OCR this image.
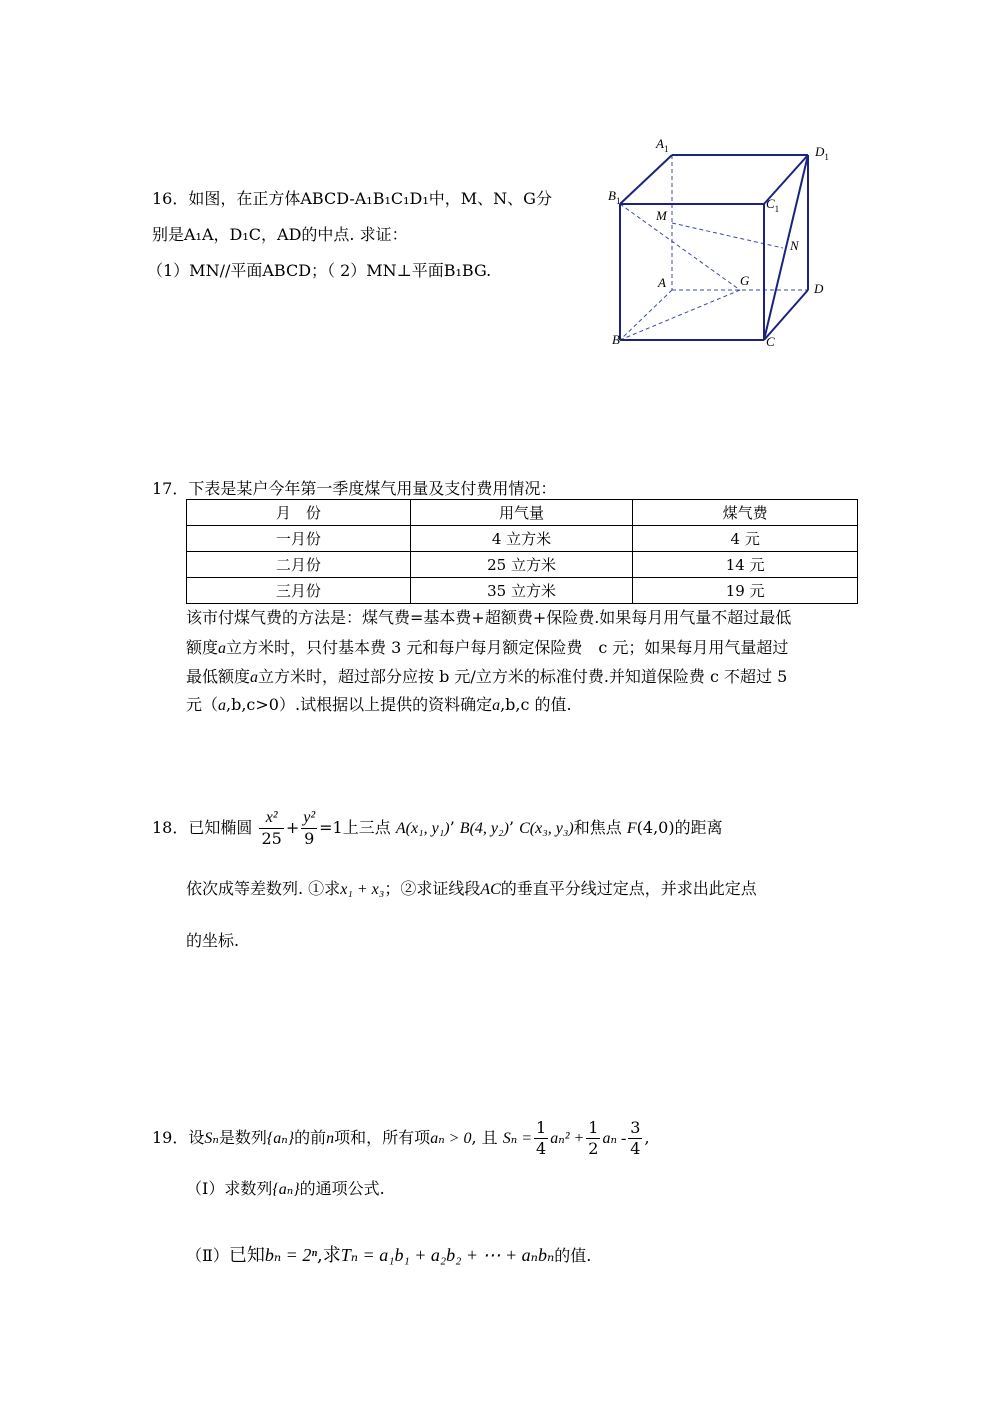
16．如图，在正方体ABCD-A₁B₁C₁D₁中，M、N、G分
别是A₁A，D₁C，AD的中点. 求证：
（1）MN//平面ABCD；（ 2）MN⊥平面B₁BG.
$A_1$	$D_1$
$B_1$	$C_1$
M
N
A	G
D
B	C
17．下表是某户今年第一季度煤气用量及支付费用情况：
月　份	用气量	煤气费
一月份	4 立方米	4 元
二月份	25 立方米	14 元
三月份	35 立方米	19 元
该市付煤气费的方法是：煤气费=基本费+超额费+保险费.如果每月用气量不超过最低
额度a立方米时，只付基本费 3 元和每户每月额定保险费　c 元；如果每月用气量超过
最低额度a立方米时，超过部分应按 b 元/立方米的标准付费.并知道保险费 c 不超过 5
元（a,b,c>0）.试根据以上提供的资料确定a,b,c 的值.
18．已知椭圆 $\frac{\text{x²}}{25} + \frac{\text{y²}}{9} =1$上三点 A(x₁, y₁)’ B(4, y₂)’ C(x₃, y₃)和焦点 F(4,0)的距离
依次成等差数列. ①求x₁ + x₃；②求证线段AC的垂直平分线过定点，并求出此定点
的坐标.
19．设Sₙ是数列{aₙ}的前n项和，所有项aₙ > 0, 且 $S_n = \frac{1}{4} a_n^2 + \frac{1}{2}$ aₙ - $\frac{3}{4}$ ,
（Ⅰ）求数列{aₙ}的通项公式.
（Ⅱ）已知bₙ = 2ⁿ,求Tₙ = a₁b₁ + a₂b₂ + ⋯ + aₙbₙ的值.
